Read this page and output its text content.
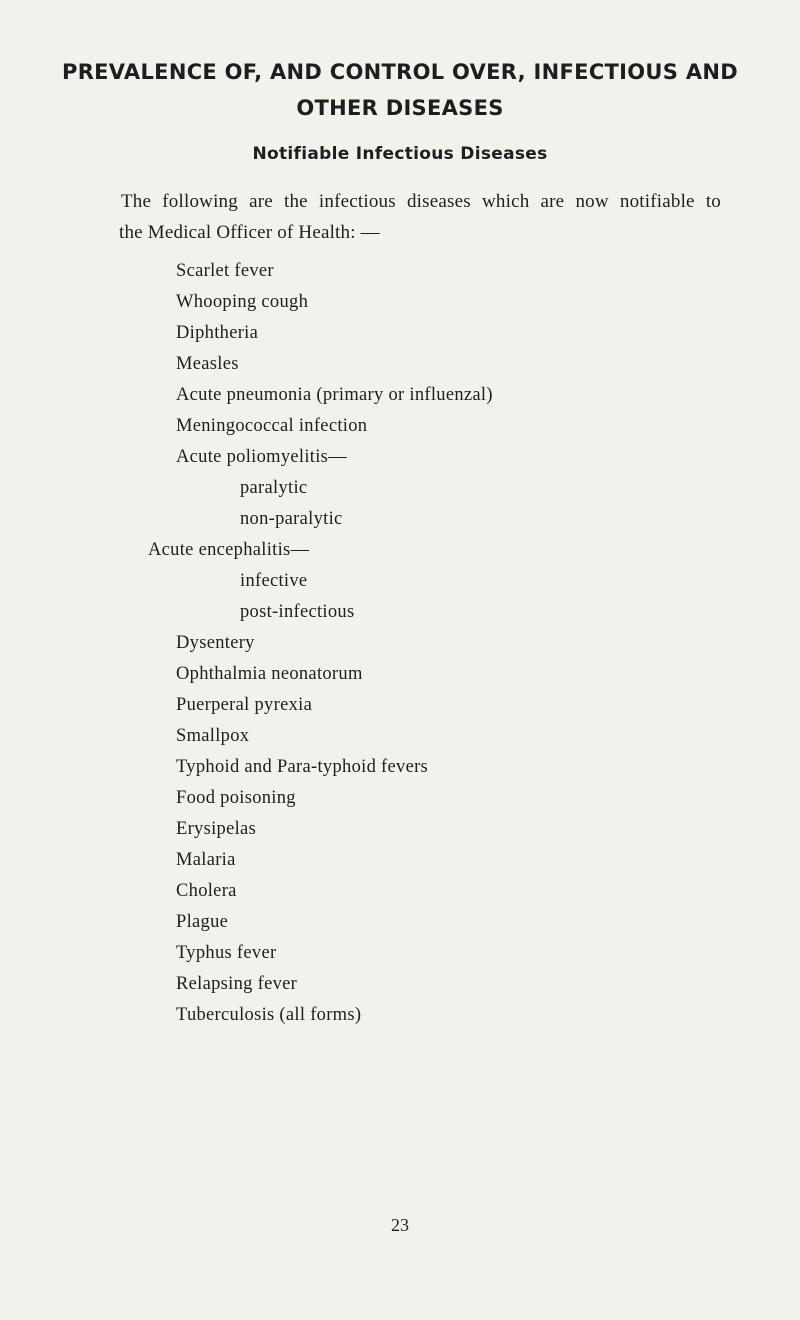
PREVALENCE OF, AND CONTROL OVER, INFECTIOUS AND
OTHER DISEASES
Notifiable Infectious Diseases

The following are the infectious diseases which are now notifiable to

the Medical Officer of Health: —

Scarlet fever
Whooping cough
Diphtheria
Measles
Acute pneumonia (primary or influenzal)
Meningococcal infection
Acute poliomyelitis—
paralytic
non-paralytic
Acute encephalitis—
infective
post-infectious
Dysentery
Ophthalmia neonatorum
Puerperal pyrexia
Smallpox
Typhoid and Para-typhoid fevers
Food poisoning
Erysipelas
Malaria
Cholera
Plague
Typhus fever
Relapsing fever
Tuberculosis (all forms)
23
